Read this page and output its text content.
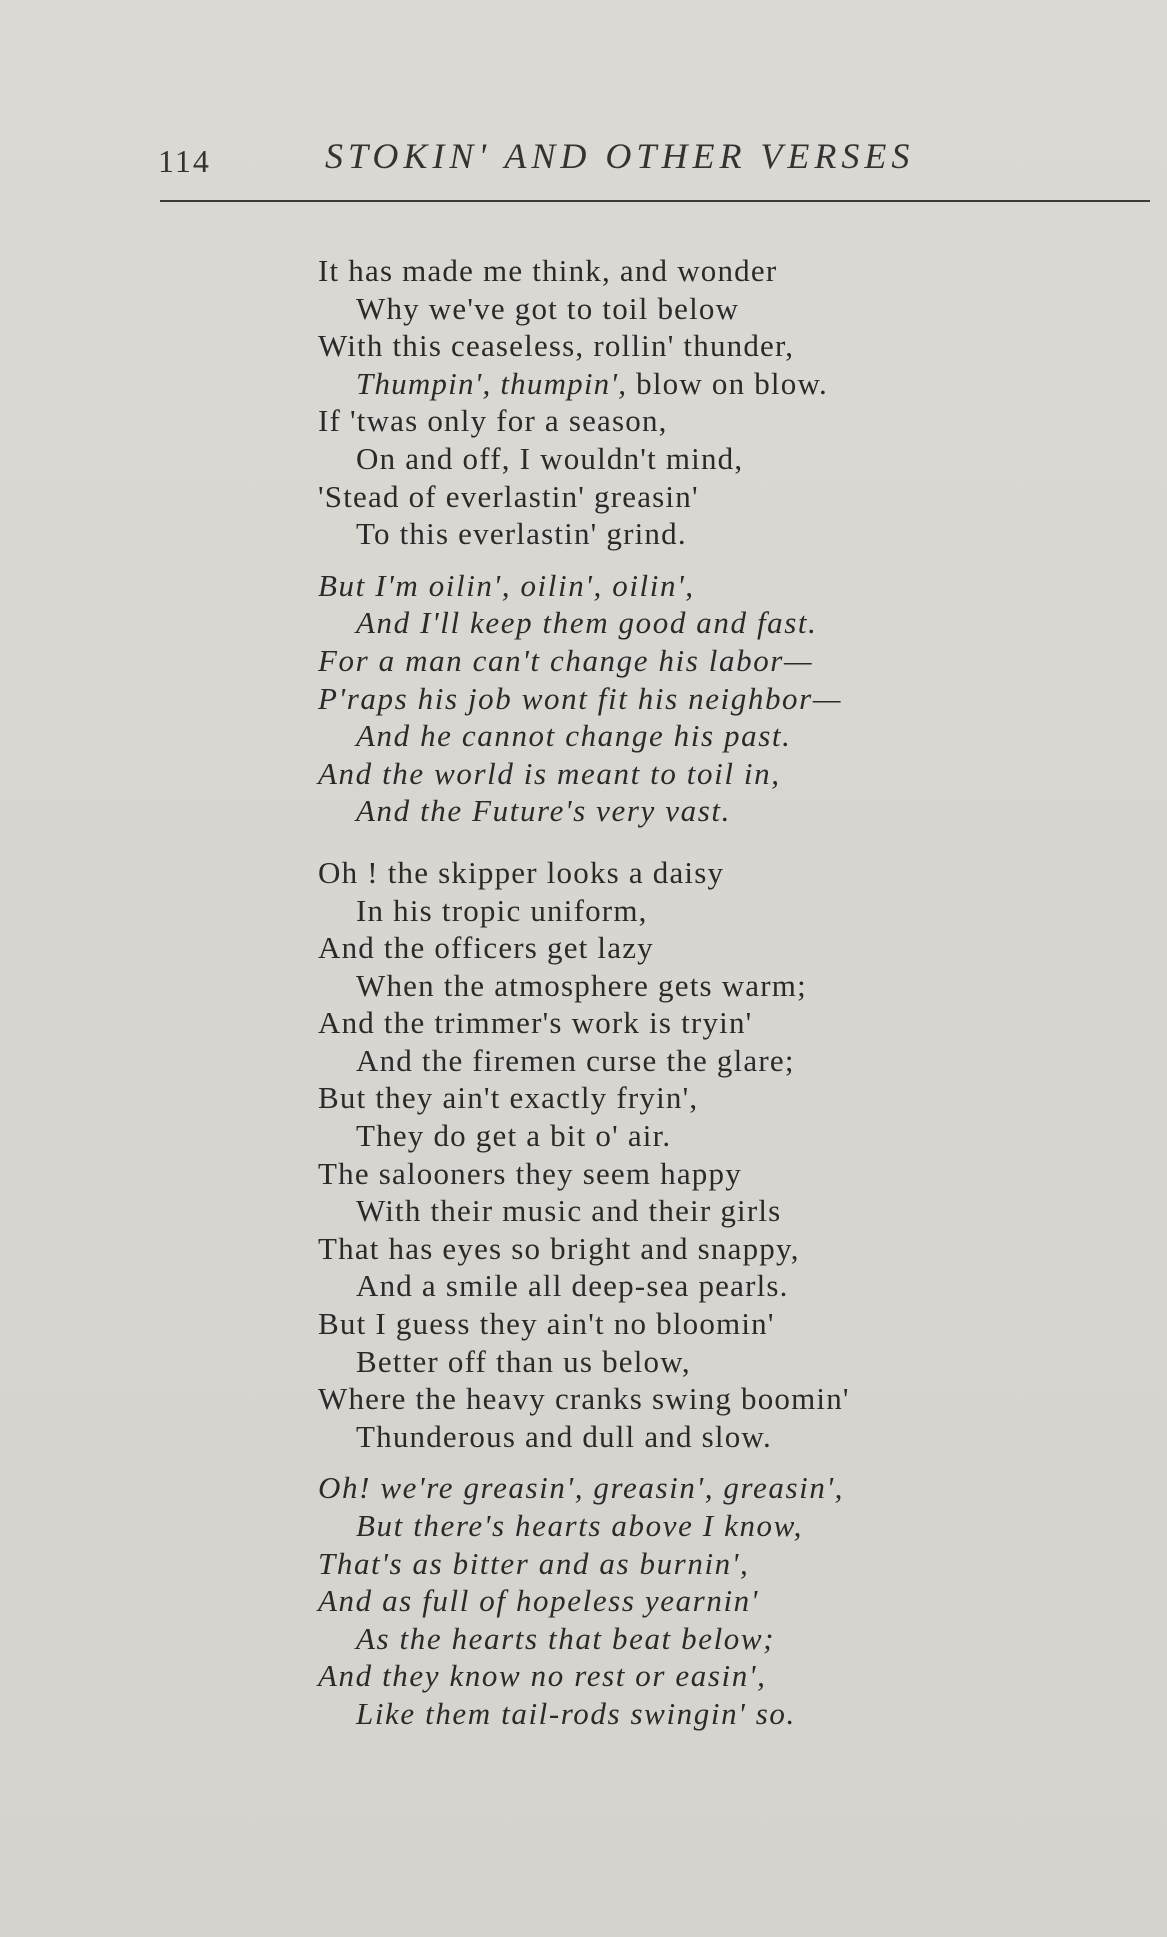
114	STOKIN' AND OTHER VERSES
It has made me think, and wonder
Why we've got to toil below
With this ceaseless, rollin' thunder,
Thumpin', thumpin', blow on blow.
If 'twas only for a season,
On and off, I wouldn't mind,
'Stead of everlastin' greasin'
To this everlastin' grind.
But I'm oilin', oilin', oilin',
And I'll keep them good and fast.
For a man can't change his labor—
P'raps his job wont fit his neighbor—
And he cannot change his past.
And the world is meant to toil in,
And the Future's very vast.
Oh ! the skipper looks a daisy
In his tropic uniform,
And the officers get lazy
When the atmosphere gets warm;
And the trimmer's work is tryin'
And the firemen curse the glare;
But they ain't exactly fryin',
They do get a bit o' air.
The salooners they seem happy
With their music and their girls
That has eyes so bright and snappy,
And a smile all deep-sea pearls.
But I guess they ain't no bloomin'
Better off than us below,
Where the heavy cranks swing boomin'
Thunderous and dull and slow.
Oh! we're greasin', greasin', greasin',
But there's hearts above I know,
That's as bitter and as burnin',
And as full of hopeless yearnin'
As the hearts that beat below;
And they know no rest or easin',
Like them tail-rods swingin' so.
